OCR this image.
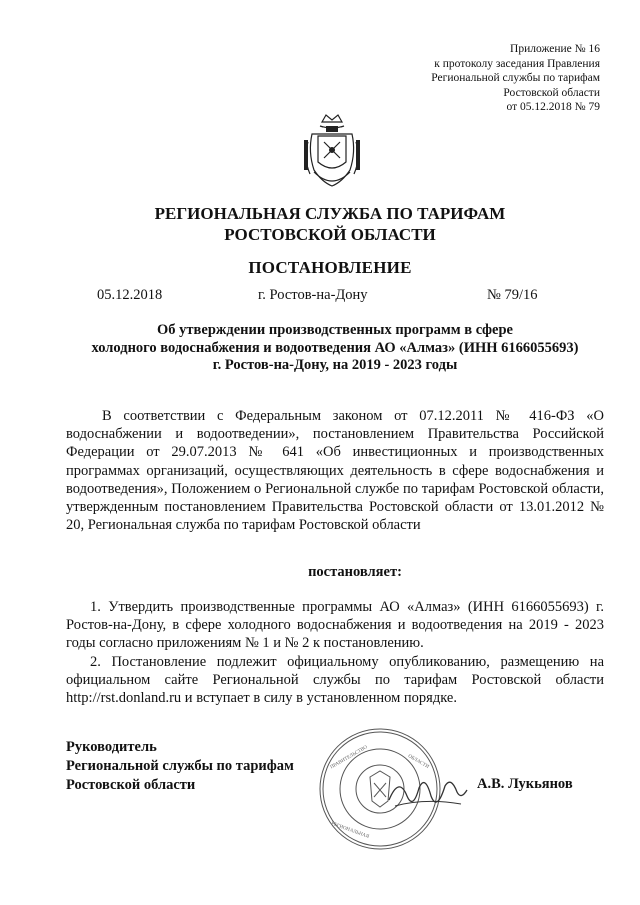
Приложение № 16
к протоколу заседания Правления
Региональной службы по тарифам
Ростовской области
от 05.12.2018 № 79
РЕГИОНАЛЬНАЯ СЛУЖБА ПО ТАРИФАМ
РОСТОВСКОЙ ОБЛАСТИ
ПОСТАНОВЛЕНИЕ
05.12.2018	г. Ростов-на-Дону	№ 79/16
Об утверждении производственных программ в сфере
холодного водоснабжения и водоотведения АО «Алмаз» (ИНН 6166055693)
г. Ростов-на-Дону, на 2019 - 2023 годы

В соответствии с Федеральным законом от 07.12.2011 № 416-ФЗ «О водоснабжении и водоотведении», постановлением Правительства Российской Федерации от 29.07.2013 № 641 «Об инвестиционных и производственных программах организаций, осуществляющих деятельность в сфере водоснабжения и водоотведения», Положением о Региональной службе по тарифам Ростовской области, утвержденным постановлением Правительства Ростовской области от 13.01.2012 № 20, Региональная служба по тарифам Ростовской области

постановляет:

1. Утвердить производственные программы АО «Алмаз» (ИНН 6166055693) г. Ростов-на-Дону, в сфере холодного водоснабжения и водоотведения на 2019 - 2023 годы согласно приложениям № 1 и № 2 к постановлению.

2. Постановление подлежит официальному опубликованию, размещению на официальном сайте Региональной службы по тарифам Ростовской области http://rst.donland.ru и вступает в силу в установленном порядке.

Руководитель
Региональной службы по тарифам
Ростовской области
ПРАВИТЕЛЬСТВО	ОБЛАСТИ
РЕГИОНАЛЬНАЯ
А.В. Лукьянов
